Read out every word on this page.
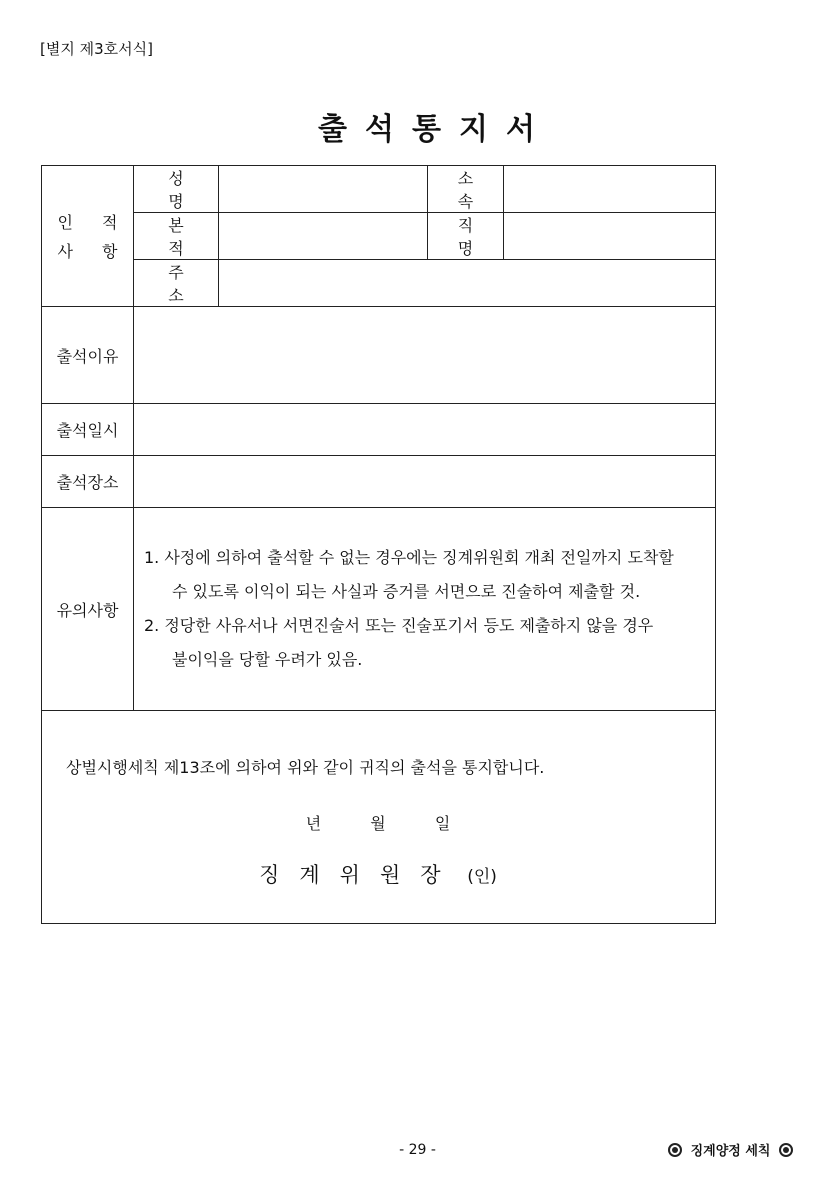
[별지 제3호서식]
출석통지서
인 적
사 항	성명		소속	
	본적		직명	
	주소			
출석이유				
출석일시				
출석장소				
유의사항	1. 사정에 의하여 출석할 수 없는 경우에는 징계위원회 개최 전일까지 도착할
수 있도록 이익이 되는 사실과 증거를 서면으로 진술하여 제출할 것.
2. 정당한 사유서나 서면진술서 또는 진술포기서 등도 제출하지 않을 경우
불이익을 당할 우려가 있음.			

상벌시행세칙 제13조에 의하여 위와 같이 귀직의 출석을 통지합니다.
년 월 일
징계위원장 (인)				
- 29 -	징계양정 세칙
